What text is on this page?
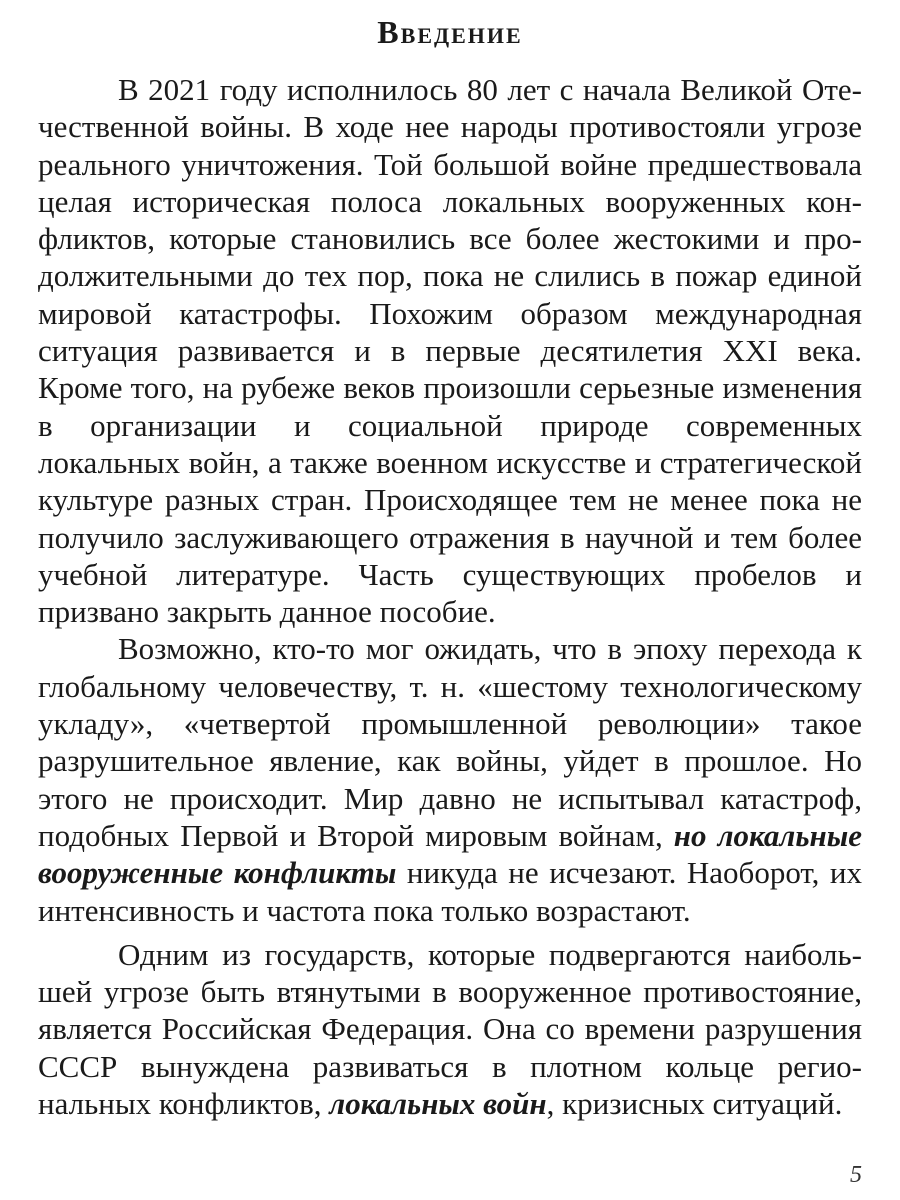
Введение

В 2021 году исполнилось 80 лет с начала Великой Отечественной войны. В ходе нее народы противостояли угрозе реального уничтожения. Той большой войне предшествовала целая историческая полоса локальных вооруженных конфликтов, которые становились все более жестокими и продолжительными до тех пор, пока не слились в пожар единой мировой катастрофы. Похожим образом международная ситуация развивается и в первые десятилетия XXI века. Кроме того, на рубеже веков произошли серьезные изменения в организации и социальной природе современных локальных войн, а также военном искусстве и стратегической культуре разных стран. Происходящее тем не менее пока не получило заслуживающего отражения в научной и тем более учебной литературе. Часть существующих пробелов и призвано закрыть данное пособие.

Возможно, кто-то мог ожидать, что в эпоху перехода к глобальному человечеству, т. н. «шестому технологическому укладу», «четвертой промышленной революции» такое разрушительное явление, как войны, уйдет в прошлое. Но этого не происходит. Мир давно не испытывал катастроф, подобных Первой и Второй мировым войнам, но локальные вооруженные конфликты никуда не исчезают. Наоборот, их интенсивность и частота пока только возрастают.

Одним из государств, которые подвергаются наибольшей угрозе быть втянутыми в вооруженное противостояние, является Российская Федерация. Она со времени разрушения СССР вынуждена развиваться в плотном кольце региональных конфликтов, локальных войн, кризисных ситуаций.

5
